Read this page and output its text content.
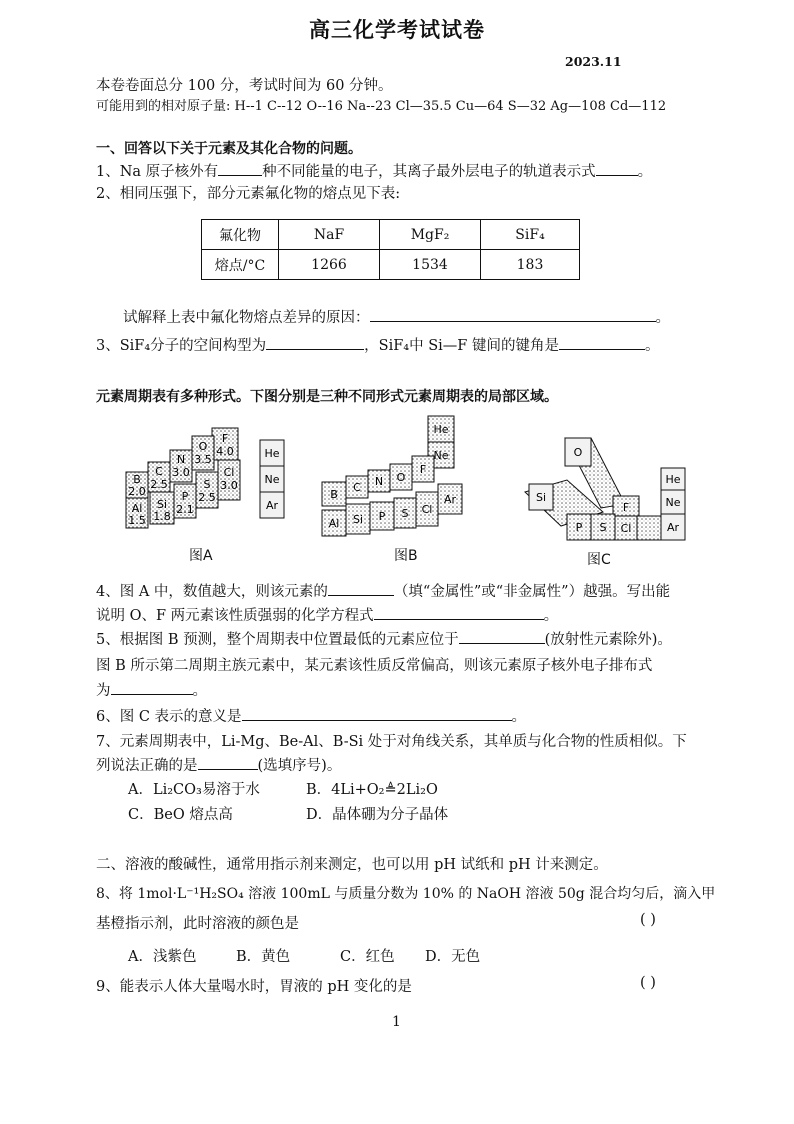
高三化学考试试卷
2023.11
本卷卷面总分 100 分，考试时间为 60 分钟。
可能用到的相对原子量: H--1 C--12 O--16 Na--23 Cl—35.5 Cu—64 S—32 Ag—108 Cd—112
一、回答以下关于元素及其化合物的问题。
1、Na 原子核外有	种不同能量的电子，其离子最外层电子的轨道表示式	。
2、相同压强下，部分元素氟化物的熔点见下表:
氟化物	NaF	MgF₂	SiF₄
熔点/°C	1266	1534	183
试解释上表中氟化物熔点差异的原因：	。
3、SiF₄分子的空间构型为	，SiF₄中 Si—F 键间的键角是	。
元素周期表有多种形式。下图分别是三种不同形式元素周期表的局部区域。
F
4.0
O
3.5
N
3.0
C
2.5
B
2.0
Cl
3.0
S
2.5
P
2.1
Si
1.8
Al
1.5
He
Ne
Ar
图A
He
Ne
F
O
N
C
B
Cl
S
P
Si
Al
Ar
图B
O
He
Ne
Si
F
P S Cl	Ar
图C
4、图 A 中，数值越大，则该元素的	（填“金属性”或“非金属性”）越强。写出能
说明 O、F 两元素该性质强弱的化学方程式	。
5、根据图 B 预测，整个周期表中位置最低的元素应位于	(放射性元素除外)。
图 B 所示第二周期主族元素中，某元素该性质反常偏高，则该元素原子核外电子排布式
为	。
6、图 C 表示的意义是	。
7、元素周期表中，Li-Mg、Be-Al、B-Si 处于对角线关系，其单质与化合物的性质相似。下
列说法正确的是	(选填序号)。
A．Li₂CO₃易溶于水	B．4Li+O₂≜2Li₂O
C．BeO 熔点高	D．晶体硼为分子晶体
二、溶液的酸碱性，通常用指示剂来测定，也可以用 pH 试纸和 pH 计来测定。
8、将 1mol·L⁻¹H₂SO₄ 溶液 100mL 与质量分数为 10% 的 NaOH 溶液 50g 混合均匀后，滴入甲
基橙指示剂，此时溶液的颜色是	( )
A．浅紫色	B．黄色	C．红色 D．无色
9、能表示人体大量喝水时，胃液的 pH 变化的是	( )
1
